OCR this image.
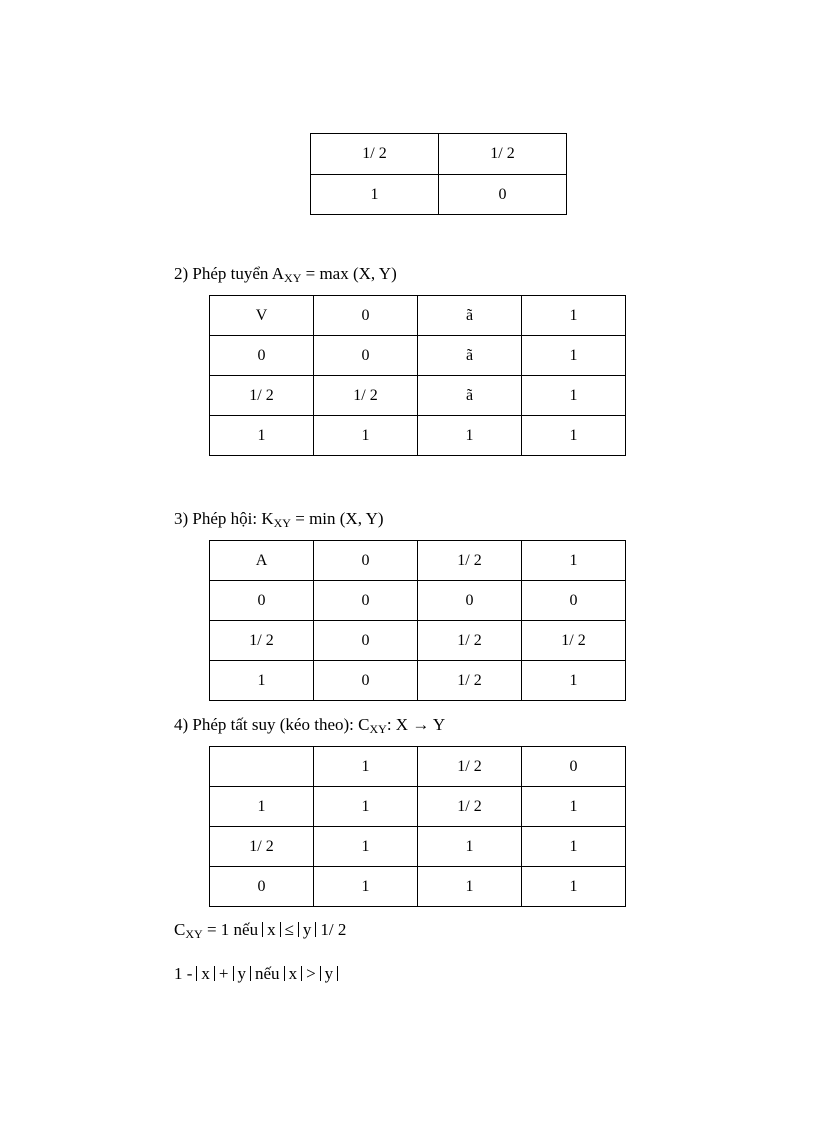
1/ 2	1/ 2
1	0

2) Phép tuyển $A_{XY} = \max (X$, Y)

V	0	ã	1
0	0	ã	1
1/ 2	1/ 2	ã	1
1	1	1	1

3) Phép hội: $K_{XY} = \min (X$, Y)

A	0	1/ 2	1
0	0	0	0
1/ 2	0	1/ 2	1/ 2
1	0	1/ 2	1

4) Phép tất suy (kéo theo): $C_{XY}$: X → Y

	1	1/ 2	0
1	1	1/ 2	1
1/ 2	1	1	1
0	1	1	1

$C_{XY} = 1$ nếu x ≤ y 1/ 2

1 - x + y nếu x > y
